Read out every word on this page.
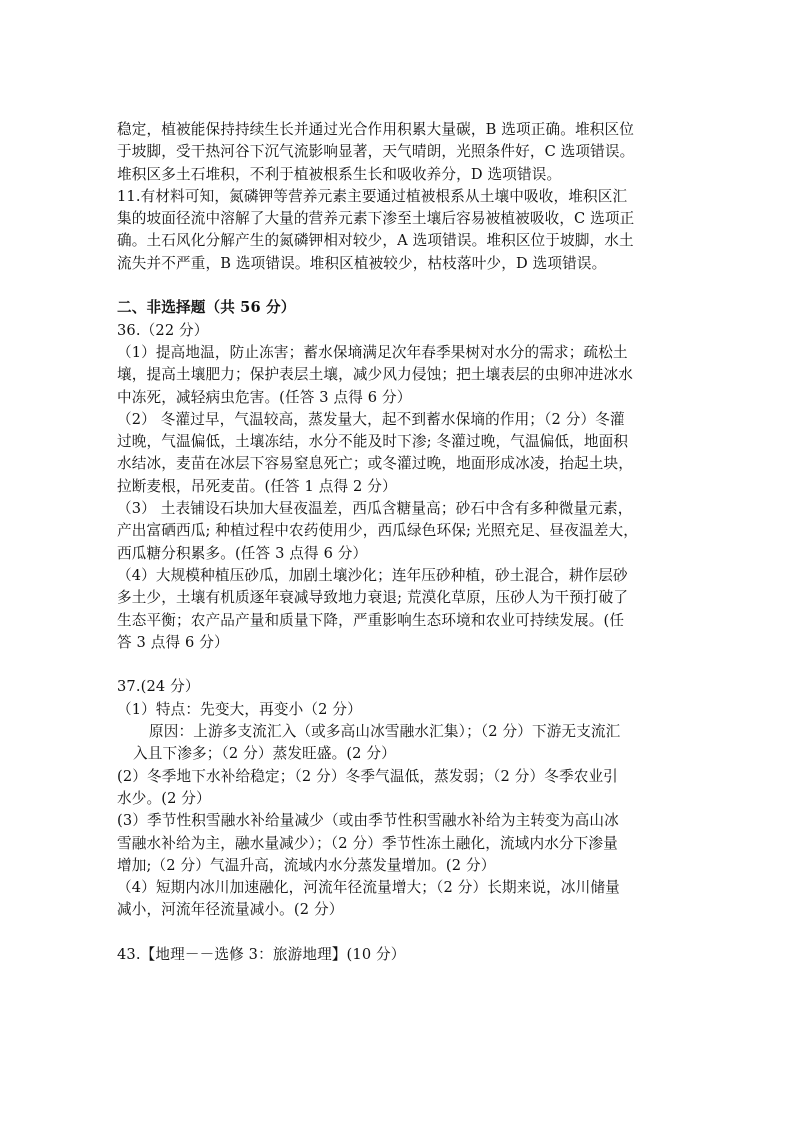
稳定，植被能保持持续生长并通过光合作用积累大量碳，B 选项正确。堆积区位
于坡脚，受干热河谷下沉气流影响显著，天气晴朗，光照条件好，C 选项错误。
堆积区多土石堆积，不利于植被根系生长和吸收养分，D 选项错误。
11.有材料可知，氮磷钾等营养元素主要通过植被根系从土壤中吸收，堆积区汇
集的坡面径流中溶解了大量的营养元素下渗至土壤后容易被植被吸收，C 选项正
确。土石风化分解产生的氮磷钾相对较少，A 选项错误。堆积区位于坡脚，水土
流失并不严重，B 选项错误。堆积区植被较少，枯枝落叶少，D 选项错误。
二、非选择题（共 56 分）
36.（22 分）
（1）提高地温，防止冻害；蓄水保墒满足次年春季果树对水分的需求；疏松土
壤，提高土壤肥力；保护表层土壤，减少风力侵蚀；把土壤表层的虫卵冲进冰水
中冻死，减轻病虫危害。(任答 3 点得 6 分）
（2） 冬灌过早，气温较高，蒸发量大，起不到蓄水保墒的作用；（2 分）冬灌
过晚，气温偏低，土壤冻结，水分不能及时下渗; 冬灌过晚，气温偏低，地面积
水结冰，麦苗在冰层下容易窒息死亡；或冬灌过晚，地面形成冰凌，抬起土块，
拉断麦根，吊死麦苗。(任答 1 点得 2 分）
（3） 土表铺设石块加大昼夜温差，西瓜含糖量高；砂石中含有多种微量元素，
产出富硒西瓜; 种植过程中农药使用少，西瓜绿色环保; 光照充足、昼夜温差大，
西瓜糖分积累多。(任答 3 点得 6 分）
（4）大规模种植压砂瓜，加剧土壤沙化；连年压砂种植，砂土混合，耕作层砂
多土少，土壤有机质逐年衰减导致地力衰退; 荒漠化草原，压砂人为干预打破了
生态平衡；农产品产量和质量下降，严重影响生态环境和农业可持续发展。(任
答 3 点得 6 分）
37.(24 分）
（1）特点：先变大，再变小（2 分）
原因：上游多支流汇入（或多高山冰雪融水汇集）；（2 分）下游无支流汇
入且下渗多；（2 分）蒸发旺盛。(2 分）
(2）冬季地下水补给稳定；（2 分）冬季气温低，蒸发弱；（2 分）冬季农业引
水少。(2 分）
(3）季节性积雪融水补给量减少（或由季节性积雪融水补给为主转变为高山冰
雪融水补给为主，融水量减少）；（2 分）季节性冻土融化，流域内水分下渗量
增加;（2 分）气温升高，流域内水分蒸发量增加。(2 分）
（4）短期内冰川加速融化，河流年径流量增大；（2 分）长期来说，冰川储量
减小，河流年径流量减小。(2 分）
43.【地理－－选修 3：旅游地理】(10 分）
